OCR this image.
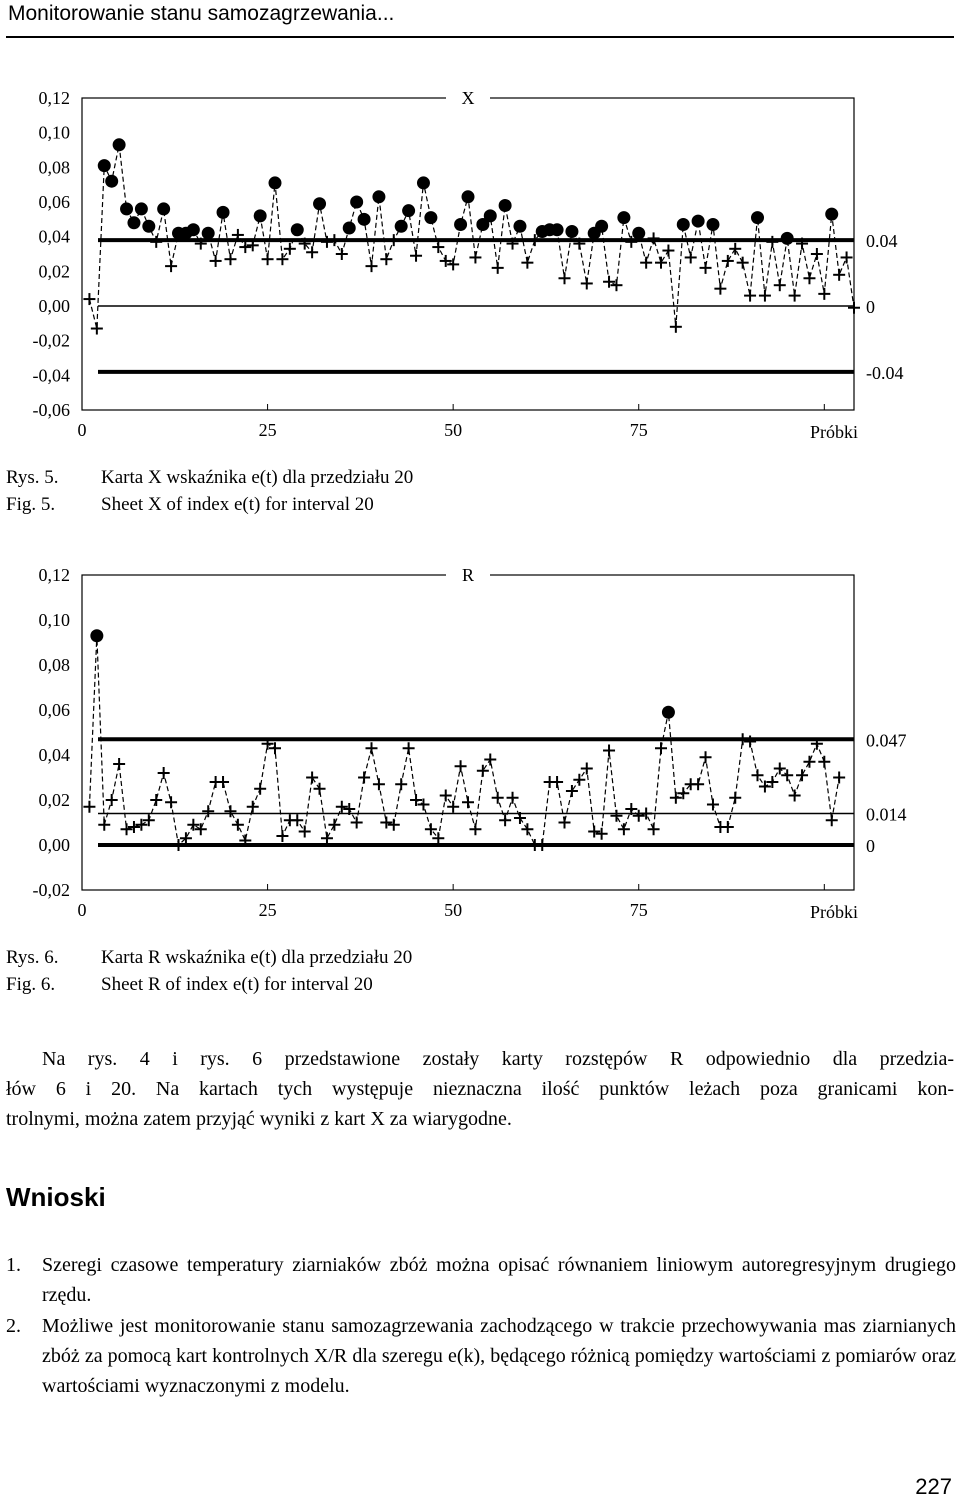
Monitorowanie stanu samozagrzewania...
X
0,12
0,10
0,08
0,06
0,04
0,02
0,00
-0,02
-0,04
-0,06
0	25	50	75	Próbki
0.04
0
-0.04
Rys. 5. Karta X wskaźnika e(t) dla przedziału 20
Fig. 5. Sheet X of index e(t) for interval 20
R
0,12
0,10
0,08
0,06
0,04
0,02
0,00
-0,02
0	25	50	75	Próbki
0.047
0.014
0
Rys. 6. Karta R wskaźnika e(t) dla przedziału 20
Fig. 6. Sheet R of index e(t) for interval 20
Na rys. 4 i rys. 6 przedstawione zostały karty rozstępów R odpowiednio dla przedzia-
łów 6 i 20. Na kartach tych występuje nieznaczna ilość punktów leżach poza granicami kon-
trolnymi, można zatem przyjąć wyniki z kart X za wiarygodne.
Wnioski
1. Szeregi czasowe temperatury ziarniaków zbóż można opisać równaniem liniowym autoregresyjnym drugiego rzędu.
2. Możliwe jest monitorowanie stanu samozagrzewania zachodzącego w trakcie przechowywania mas ziarnianych zbóż za pomocą kart kontrolnych X/R dla szeregu e(k), będącego różnicą pomiędzy wartościami z pomiarów oraz wartościami wyznaczonymi z modelu.
227
